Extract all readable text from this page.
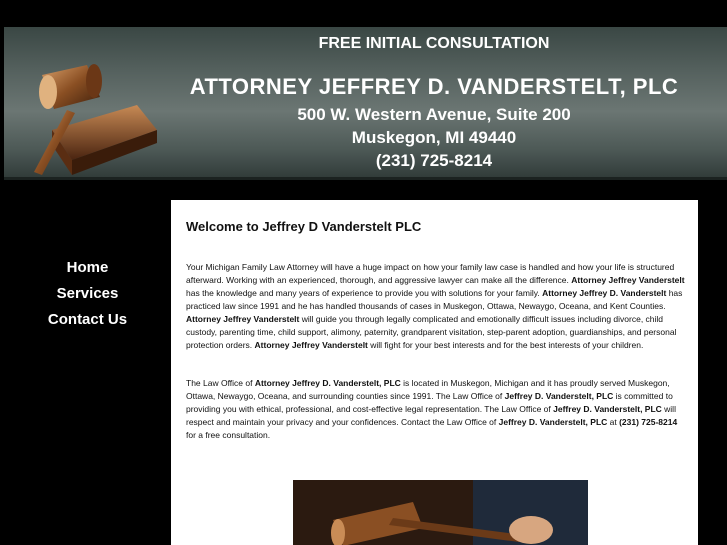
FREE INITIAL CONSULTATION
ATTORNEY JEFFREY D. VANDERSTELT, PLC
500 W. Western Avenue, Suite 200
Muskegon, MI 49440
(231) 725-8214
Home
Services
Contact Us
Welcome to Jeffrey D Vanderstelt PLC
Your Michigan Family Law Attorney will have a huge impact on how your family law case is handled and how your life is structured afterward. Working with an experienced, thorough, and aggressive lawyer can make all the difference. Attorney Jeffrey Vanderstelt has the knowledge and many years of experience to provide you with solutions for your family. Attorney Jeffrey D. Vanderstelt has practiced law since 1991 and he has handled thousands of cases in Muskegon, Ottawa, Newaygo, Oceana, and Kent Counties. Attorney Jeffrey Vanderstelt will guide you through legally complicated and emotionally difficult issues including divorce, child custody, parenting time, child support, alimony, paternity, grandparent visitation, step-parent adoption, guardianships, and personal protection orders. Attorney Jeffrey Vanderstelt will fight for your best interests and for the best interests of your children.
The Law Office of Attorney Jeffrey D. Vanderstelt, PLC is located in Muskegon, Michigan and it has proudly served Muskegon, Ottawa, Newaygo, Oceana, and surrounding counties since 1991. The Law Office of Jeffrey D. Vanderstelt, PLC is committed to providing you with ethical, professional, and cost-effective legal representation. The Law Office of Jeffrey D. Vanderstelt, PLC will respect and maintain your privacy and your confidences. Contact the Law Office of Jeffrey D. Vanderstelt, PLC at (231) 725-8214 for a free consultation.
